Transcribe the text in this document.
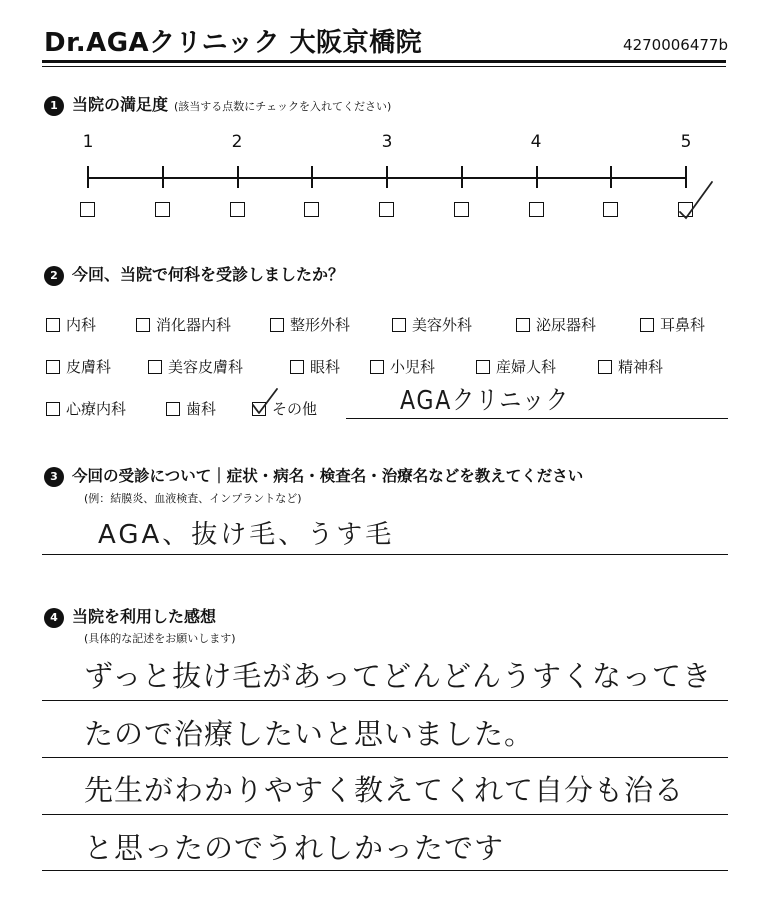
Dr.AGAクリニック 大阪京橋院	4270006477b
1 当院の満足度 (該当する点数にチェックを入れてください)
1	2	3	4	5
2 今回、当院で何科を受診しましたか？
内科	消化器内科	整形外科	美容外科	泌尿器科	耳鼻科
皮膚科	美容皮膚科	眼科	小児科	産婦人科	精神科
心療内科	歯科	その他	AGAクリニック
3 今回の受診について｜症状・病名・検査名・治療名などを教えてください
(例：結膜炎、血液検査、インプラントなど)
AGA、抜け毛、うす毛
4 当院を利用した感想
(具体的な記述をお願いします)
ずっと抜け毛があってどんどんうすくなってき
たので治療したいと思いました。
先生がわかりやすく教えてくれて自分も治る
と思ったのでうれしかったです
